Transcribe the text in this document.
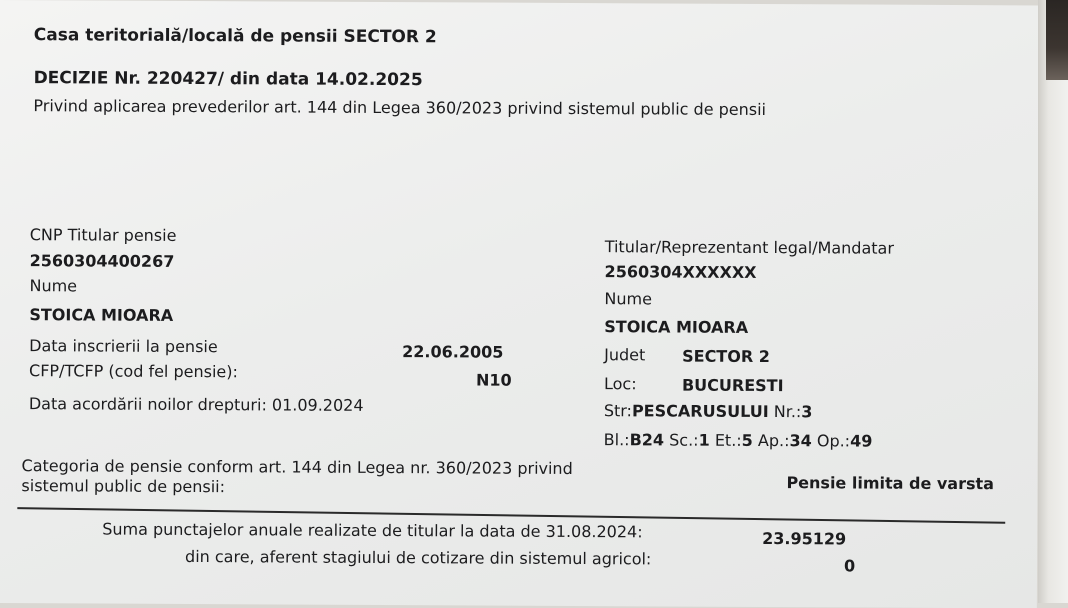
Casa teritorială/locală de pensii SECTOR 2
DECIZIE Nr. 220427/ din data 14.02.2025
Privind aplicarea prevederilor art. 144 din Legea 360/2023 privind sistemul public de pensii
CNP Titular pensie
2560304400267
Nume
STOICA MIOARA
Data inscrierii la pensie	22.06.2005
CFP/TCFP (cod fel pensie):	N10
Data acordării noilor drepturi: 01.09.2024
Titular/Reprezentant legal/Mandatar
2560304XXXXXX
Nume
STOICA MIOARA
Judet SECTOR 2
Loc:	BUCURESTI
Str:PESCARUSULUI Nr.:3
Bl.:B24 Sc.:1 Et.:5 Ap.:34 Op.:49
Categoria de pensie conform art. 144 din Legea nr. 360/2023 privind
sistemul public de pensii:	Pensie limita de varsta
Suma punctajelor anuale realizate de titular la data de 31.08.2024:	23.95129
din care, aferent stagiului de cotizare din sistemul agricol:	0
